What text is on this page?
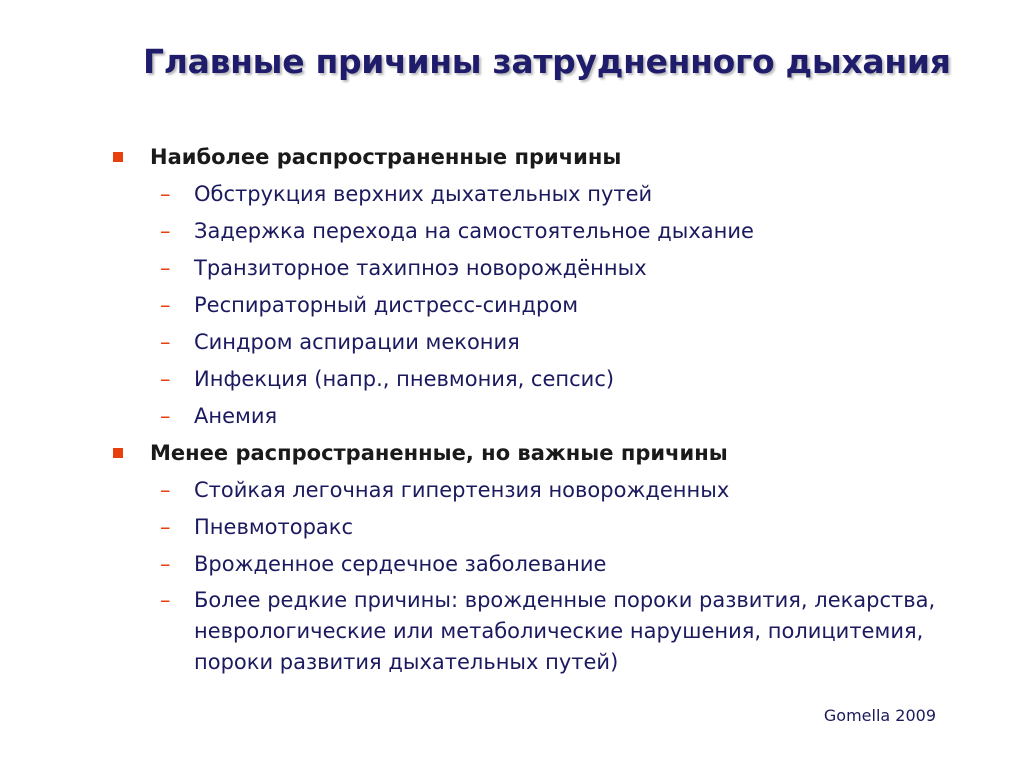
Главные причины затрудненного дыхания
Наиболее распространенные причины
– Обструкция верхних дыхательных путей
– Задержка перехода на самостоятельное дыхание
– Транзиторное тахипноэ новорождённых
– Респираторный дистресс-синдром
– Синдром аспирации мекония
– Инфекция (напр., пневмония, сепсис)
– Анемия
Менее распространенные, но важные причины
– Стойкая легочная гипертензия новорожденных
– Пневмоторакс
– Врожденное сердечное заболевание
– Более редкие причины: врожденные пороки развития, лекарства, неврологические или метаболические нарушения, полицитемия, пороки развития дыхательных путей)
Gomella 2009
